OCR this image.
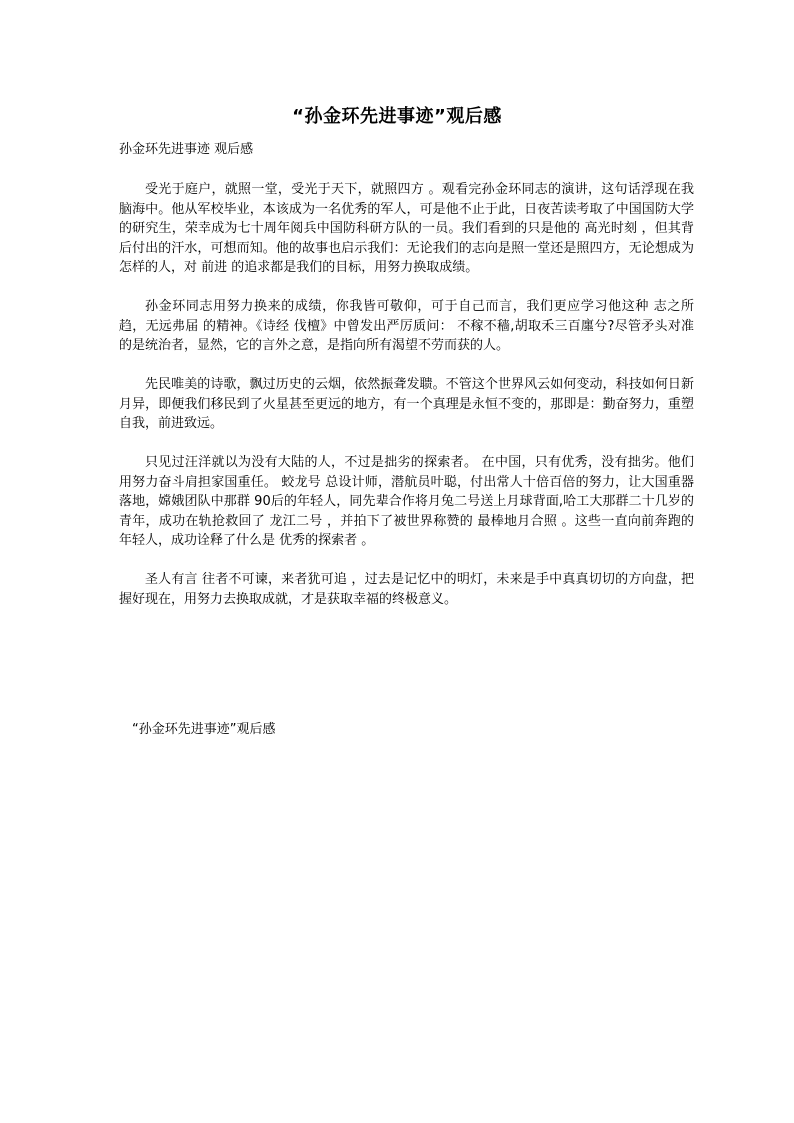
“孙金环先进事迹”观后感
孙金环先进事迹 观后感

受光于庭户，就照一堂，受光于天下，就照四方 。观看完孙金环同志的演讲，这句话浮现在我脑海中。他从军校毕业，本该成为一名优秀的军人，可是他不止于此，日夜苦读考取了中国国防大学的研究生，荣幸成为七十周年阅兵中国防科研方队的一员。我们看到的只是他的 高光时刻 ，但其背后付出的汗水，可想而知。他的故事也启示我们：无论我们的志向是照一堂还是照四方，无论想成为怎样的人，对 前进 的追求都是我们的目标，用努力换取成绩。

孙金环同志用努力换来的成绩，你我皆可敬仰，可于自己而言，我们更应学习他这种 志之所趋，无远弗届 的精神。《诗经 伐檀》中曾发出严厉质问： 不稼不穑,胡取禾三百廛兮?尽管矛头对准的是统治者，显然，它的言外之意，是指向所有渴望不劳而获的人。

先民唯美的诗歌，飘过历史的云烟，依然振聋发聩。不管这个世界风云如何变动，科技如何日新月异，即便我们移民到了火星甚至更远的地方，有一个真理是永恒不变的，那即是：勤奋努力，重塑自我，前进致远。

只见过汪洋就以为没有大陆的人，不过是拙劣的探索者。 在中国，只有优秀，没有拙劣。他们用努力奋斗肩担家国重任。 蛟龙号 总设计师，潜航员叶聪，付出常人十倍百倍的努力，让大国重器落地，嫦娥团队中那群 90后的年轻人，同先辈合作将月兔二号送上月球背面,哈工大那群二十几岁的青年，成功在轨抢救回了 龙江二号 ，并拍下了被世界称赞的 最棒地月合照 。这些一直向前奔跑的年轻人，成功诠释了什么是 优秀的探索者 。

圣人有言 往者不可谏，来者犹可追 ，过去是记忆中的明灯，未来是手中真真切切的方向盘，把握好现在，用努力去换取成就，才是获取幸福的终极意义。

“孙金环先进事迹”观后感
